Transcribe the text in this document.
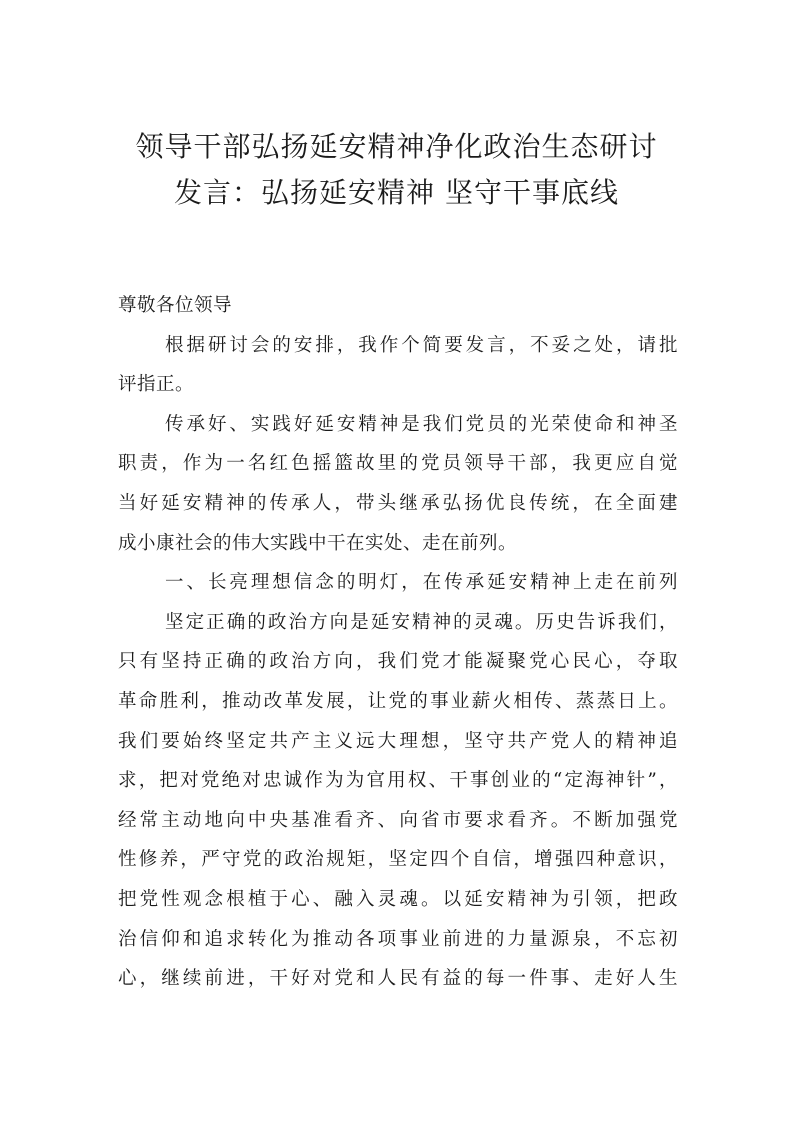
领导干部弘扬延安精神净化政治生态研讨
发言：弘扬延安精神 坚守干事底线
尊敬各位领导
根据研讨会的安排，我作个简要发言，不妥之处，请批
评指正。
传承好、实践好延安精神是我们党员的光荣使命和神圣
职责，作为一名红色摇篮故里的党员领导干部，我更应自觉
当好延安精神的传承人，带头继承弘扬优良传统，在全面建
成小康社会的伟大实践中干在实处、走在前列。
一、长亮理想信念的明灯，在传承延安精神上走在前列
坚定正确的政治方向是延安精神的灵魂。历史告诉我们，
只有坚持正确的政治方向，我们党才能凝聚党心民心，夺取
革命胜利，推动改革发展，让党的事业薪火相传、蒸蒸日上。
我们要始终坚定共产主义远大理想，坚守共产党人的精神追
求，把对党绝对忠诚作为为官用权、干事创业的“定海神针”，
经常主动地向中央基准看齐、向省市要求看齐。不断加强党
性修养，严守党的政治规矩，坚定四个自信，增强四种意识，
把党性观念根植于心、融入灵魂。以延安精神为引领，把政
治信仰和追求转化为推动各项事业前进的力量源泉，不忘初
心，继续前进，干好对党和人民有益的每一件事、走好人生
